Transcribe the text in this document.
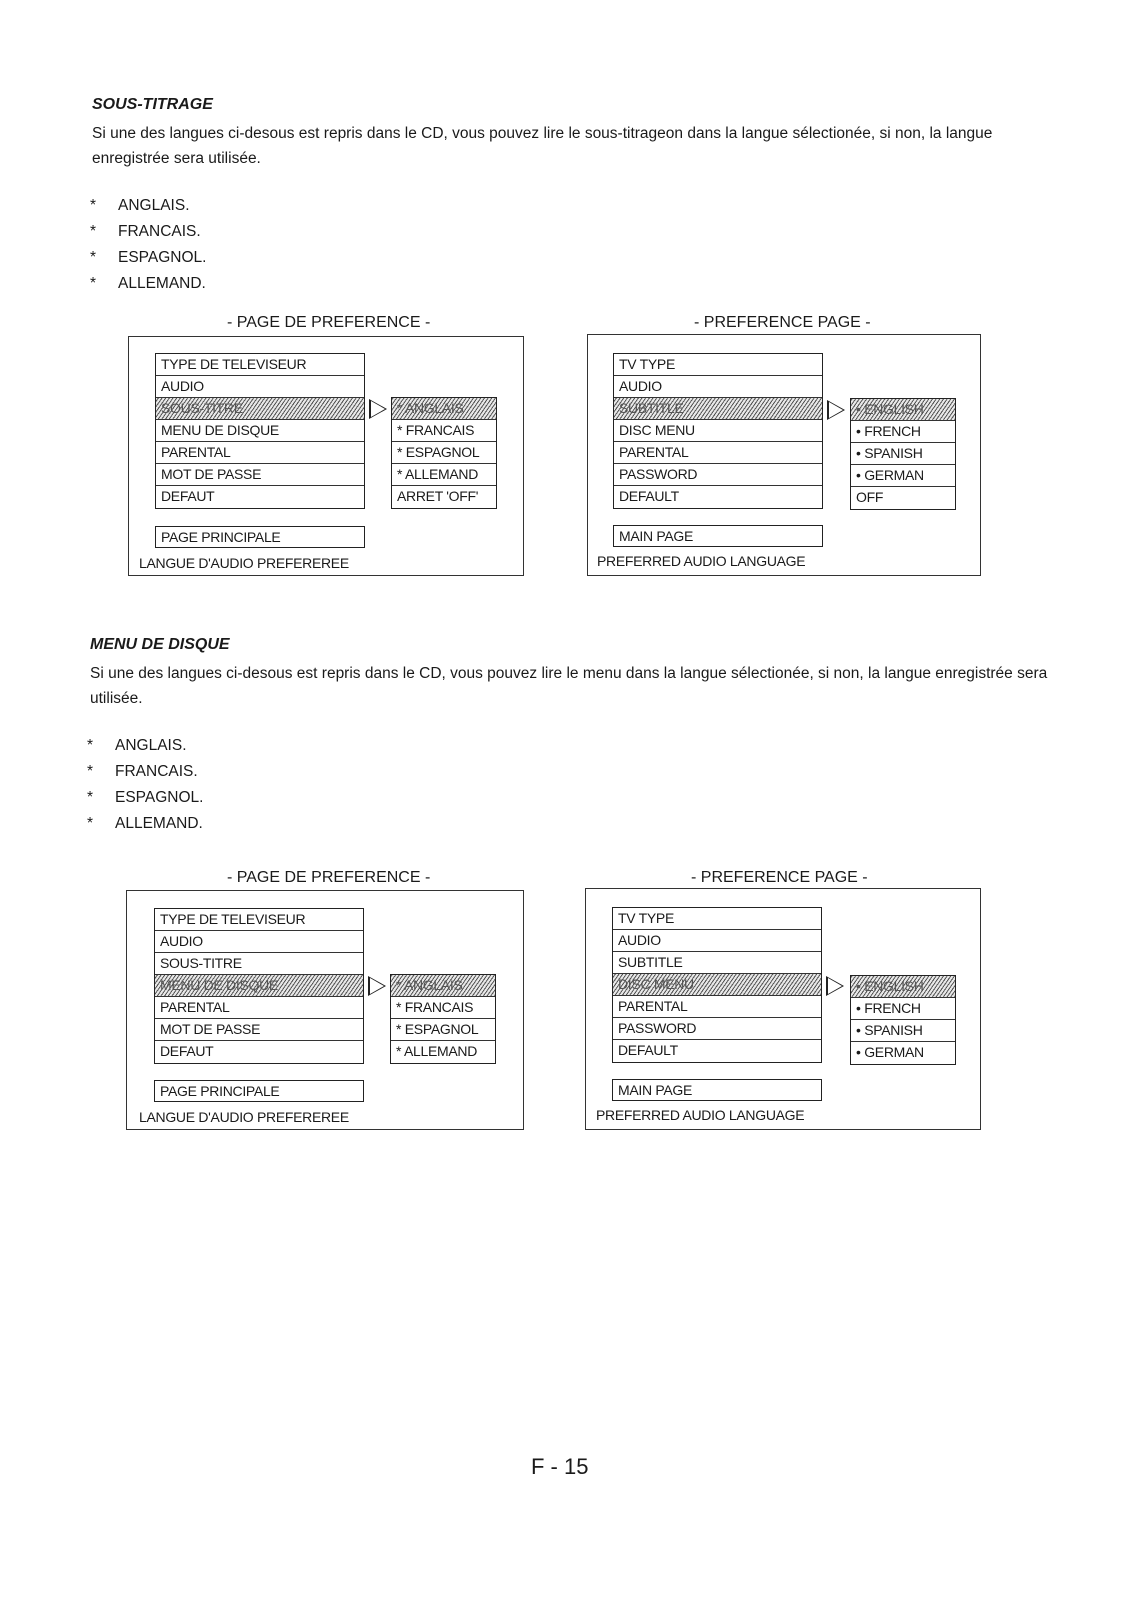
SOUS-TITRAGE
Si une des langues ci-desous est repris dans le CD, vous pouvez lire le sous-titrageon dans la langue sélectionée, si non, la langue enregistrée sera utilisée.
*	ANGLAIS.
*	FRANCAIS.
*	ESPAGNOL.
*	ALLEMAND.
- PAGE DE PREFERENCE -
TYPE DE TELEVISEUR
AUDIO
SOUS-TITRE
MENU DE DISQUE
PARENTAL
MOT DE PASSE
DEFAUT
* ANGLAIS
* FRANCAIS
* ESPAGNOL
* ALLEMAND
ARRET 'OFF'
PAGE PRINCIPALE
LANGUE D'AUDIO PREFEREREE
- PREFERENCE PAGE -
TV TYPE
AUDIO
SUBTITLE
DISC MENU
PARENTAL
PASSWORD
DEFAULT
• ENGLISH
• FRENCH
• SPANISH
• GERMAN
OFF
MAIN PAGE
PREFERRED AUDIO LANGUAGE
MENU DE DISQUE
Si une des langues ci-desous est repris dans le CD, vous pouvez lire le menu dans la langue sélectionée, si non, la langue enregistrée sera utilisée.
*	ANGLAIS.
*	FRANCAIS.
*	ESPAGNOL.
*	ALLEMAND.
- PAGE DE PREFERENCE -
TYPE DE TELEVISEUR
AUDIO
SOUS-TITRE
MENU DE DISQUE
PARENTAL
MOT DE PASSE
DEFAUT
* ANGLAIS
* FRANCAIS
* ESPAGNOL
* ALLEMAND
PAGE PRINCIPALE
LANGUE D'AUDIO PREFEREREE
- PREFERENCE PAGE -
TV TYPE
AUDIO
SUBTITLE
DISC MENU
PARENTAL
PASSWORD
DEFAULT
• ENGLISH
• FRENCH
• SPANISH
• GERMAN
MAIN PAGE
PREFERRED AUDIO LANGUAGE
F - 15
